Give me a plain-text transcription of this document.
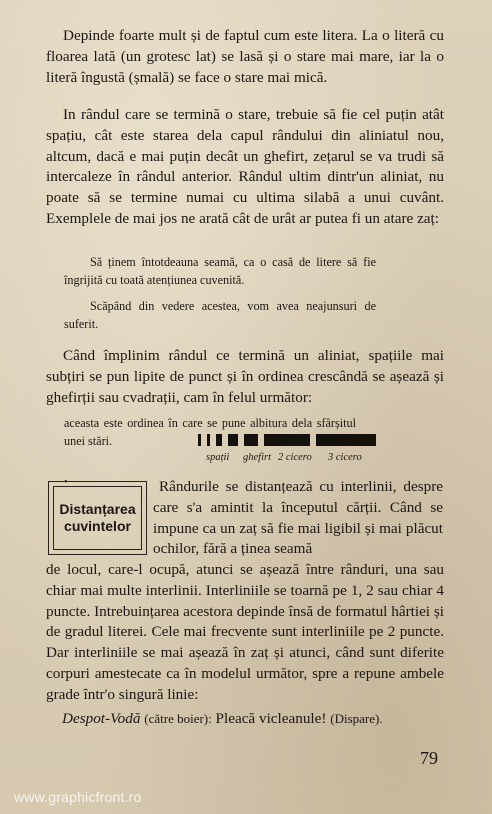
Depinde foarte mult și de faptul cum este litera. La o literă cu floarea lată (un grotesc lat) se lasă și o stare mai mare, iar la o literă îngustă (șmală) se face o stare mai mică.

In rândul care se termină o stare, trebuie să fie cel puțin atât spațiu, cât este starea dela capul rândului din aliniatul nou, altcum, dacă e mai puțin decât un ghefirt, zețarul se va trudi să intercaleze în rândul anterior. Rândul ultim dintr'un aliniat, nu poate să se termine numai cu ultima silabă a unui cuvânt. Exemplele de mai jos ne arată cât de urât ar putea fi un atare zaț:

Să ținem întotdeauna seamă, ca o casă de litere să fie îngrijită cu toată atențiunea cuvenită.

Scăpând din vedere acestea, vom avea neajunsuri de suferit.

Când împlinim rândul ce termină un aliniat, spațiile mai subțiri se pun lipite de punct și în ordinea crescândă se așează și ghefirții sau cvadrații, cam în felul următor:

aceasta este ordinea în care se pune albitura dela sfârșitul unei stări.

spații ghefirt 2 cicero 3 cicero
•
Distanțarea cuvintelor

Rândurile se distanțează cu interlinii, despre care s'a amintit la începutul cărții. Când se impune ca un zaț să fie mai ligibil și mai plăcut ochilor, fără a ținea seamă

de locul, care-l ocupă, atunci se așează între rânduri, una sau chiar mai multe interlinii. Interliniile se toarnă pe 1, 2 sau chiar 4 puncte. Intrebuințarea acestora depinde însă de formatul hârtiei și de gradul literei. Cele mai frecvente sunt interliniile pe 2 puncte. Dar interliniile se mai așează în zaț și atunci, când sunt diferite corpuri amestecate ca în modelul următor, spre a repune ambele grade într'o singură linie:

Despot-Vodă (către boier): Pleacă vicleanule! (Dispare).
79
www.graphicfront.ro
